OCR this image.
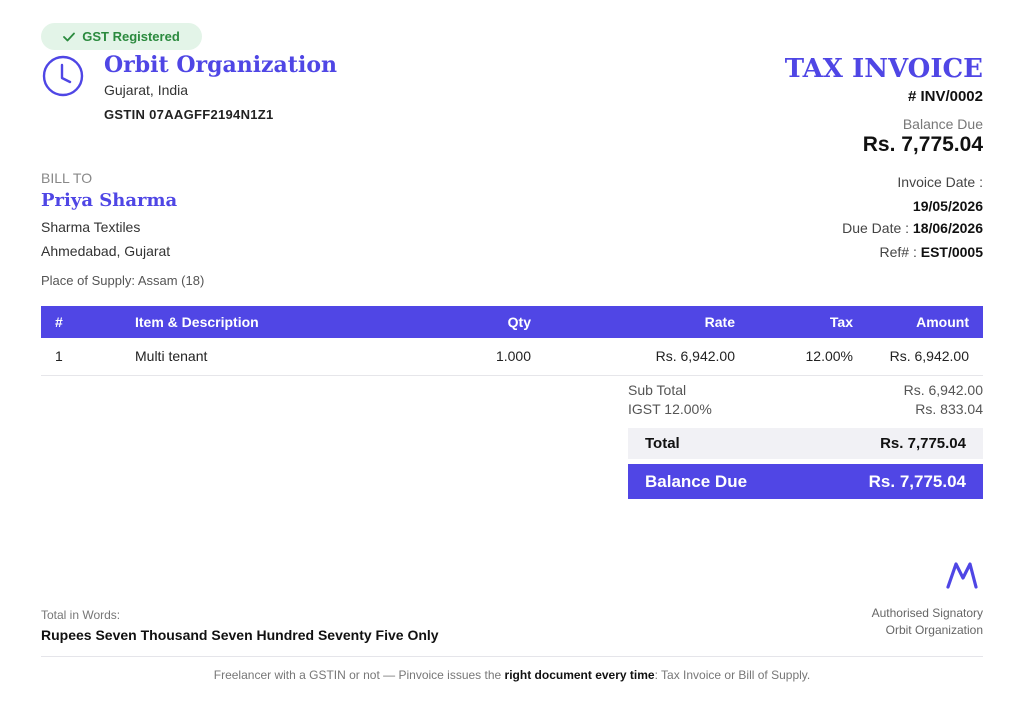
GST Registered
Orbit Organization
Gujarat, India
GSTIN 07AAGFF2194N1Z1
TAX INVOICE
# INV/0002
Balance Due
Rs. 7,775.04
Invoice Date :
19/05/2026
Due Date : 18/06/2026
Ref# : EST/0005
BILL TO
Priya Sharma
Sharma Textiles
Ahmedabad, Gujarat
Place of Supply: Assam (18)
#	Item & Description	Qty	Rate	Tax	Amount
1	Multi tenant	1.000	Rs. 6,942.00	12.00%	Rs. 6,942.00
Sub Total	Rs. 6,942.00
IGST 12.00%	Rs. 833.04
Total	Rs. 7,775.04
Balance Due	Rs. 7,775.04
Total in Words:
Rupees Seven Thousand Seven Hundred Seventy Five Only
Authorised Signatory
Orbit Organization
Freelancer with a GSTIN or not — Pinvoice issues the right document every time: Tax Invoice or Bill of Supply.
